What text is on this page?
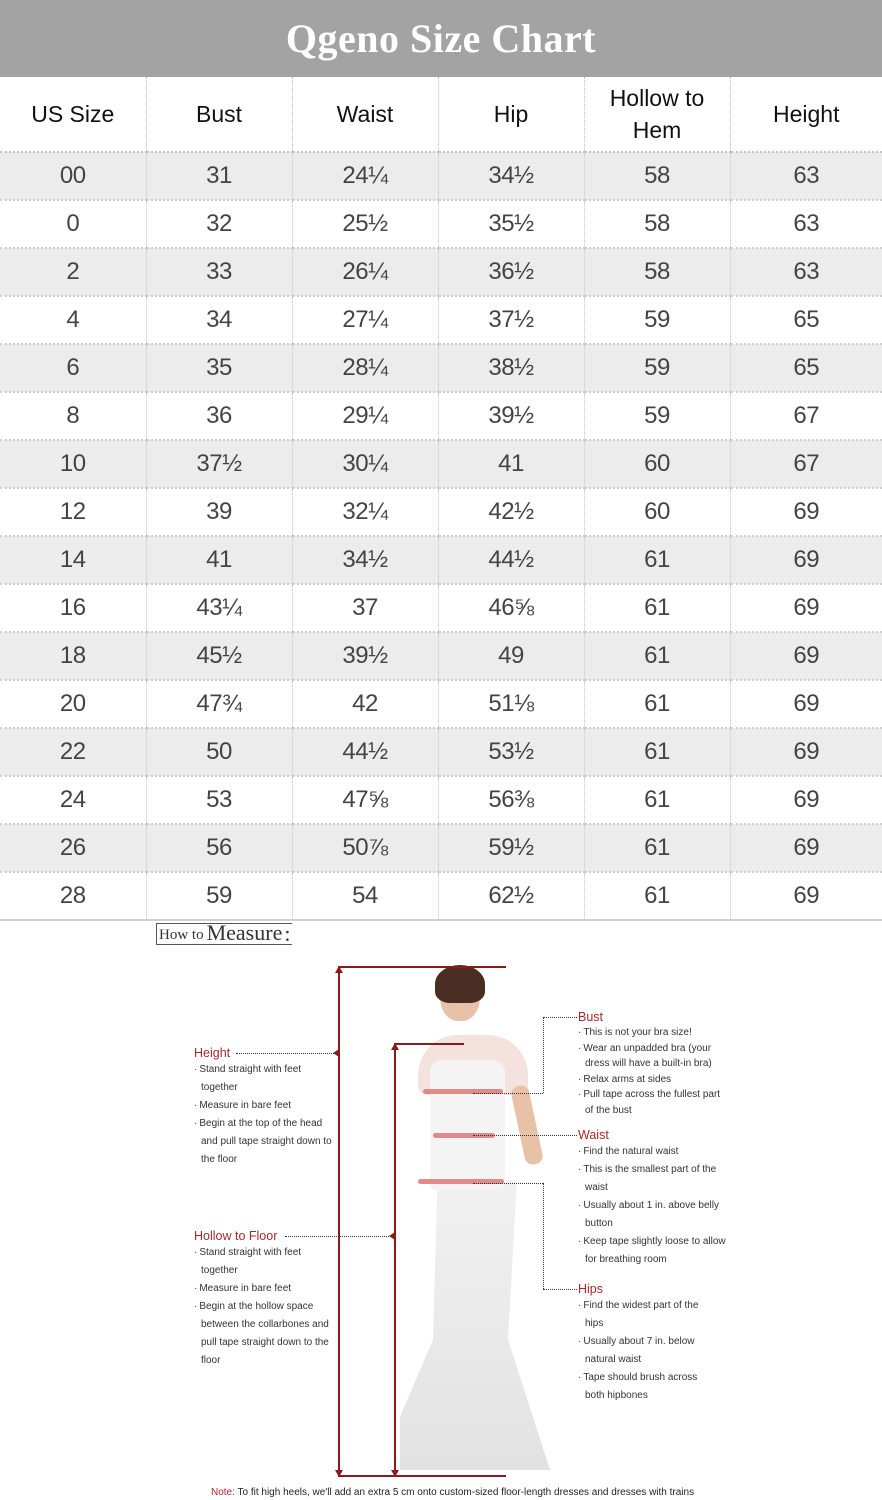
Qgeno Size Chart
US Size	Bust	Waist	Hip	Hollow to Hem	Height
00	31	24¼	34½	58	63
0	32	25½	35½	58	63
2	33	26¼	36½	58	63
4	34	27¼	37½	59	65
6	35	28¼	38½	59	65
8	36	29¼	39½	59	67
10	37½	30¼	41	60	67
12	39	32¼	42½	60	69
14	41	34½	44½	61	69
16	43¼	37	46⅝	61	69
18	45½	39½	49	61	69
20	47¾	42	51⅛	61	69
22	50	44½	53½	61	69
24	53	47⅝	56⅜	61	69
26	56	50⅞	59½	61	69
28	59	54	62½	61	69
How to Measure :
Height
· Stand straight with feet together
· Measure in bare feet
· Begin at the top of the head and pull tape straight down to the floor
Hollow to Floor
· Stand straight with feet together
· Measure in bare feet
· Begin at the hollow space between the collarbones and pull tape straight down to the floor
Bust
· This is not your bra size!
· Wear an unpadded bra (your dress will have a built-in bra)
· Relax arms at sides
· Pull tape across the fullest part of the bust
Waist
· Find the natural waist
· This is the smallest part of the waist
· Usually about 1 in. above belly button
· Keep tape slightly loose to allow for breathing room
Hips
· Find the widest part of the hips
· Usually about 7 in. below natural waist
· Tape should brush across both hipbones
Note: To fit high heels, we'll add an extra 5 cm onto custom-sized floor-length dresses and dresses with trains
